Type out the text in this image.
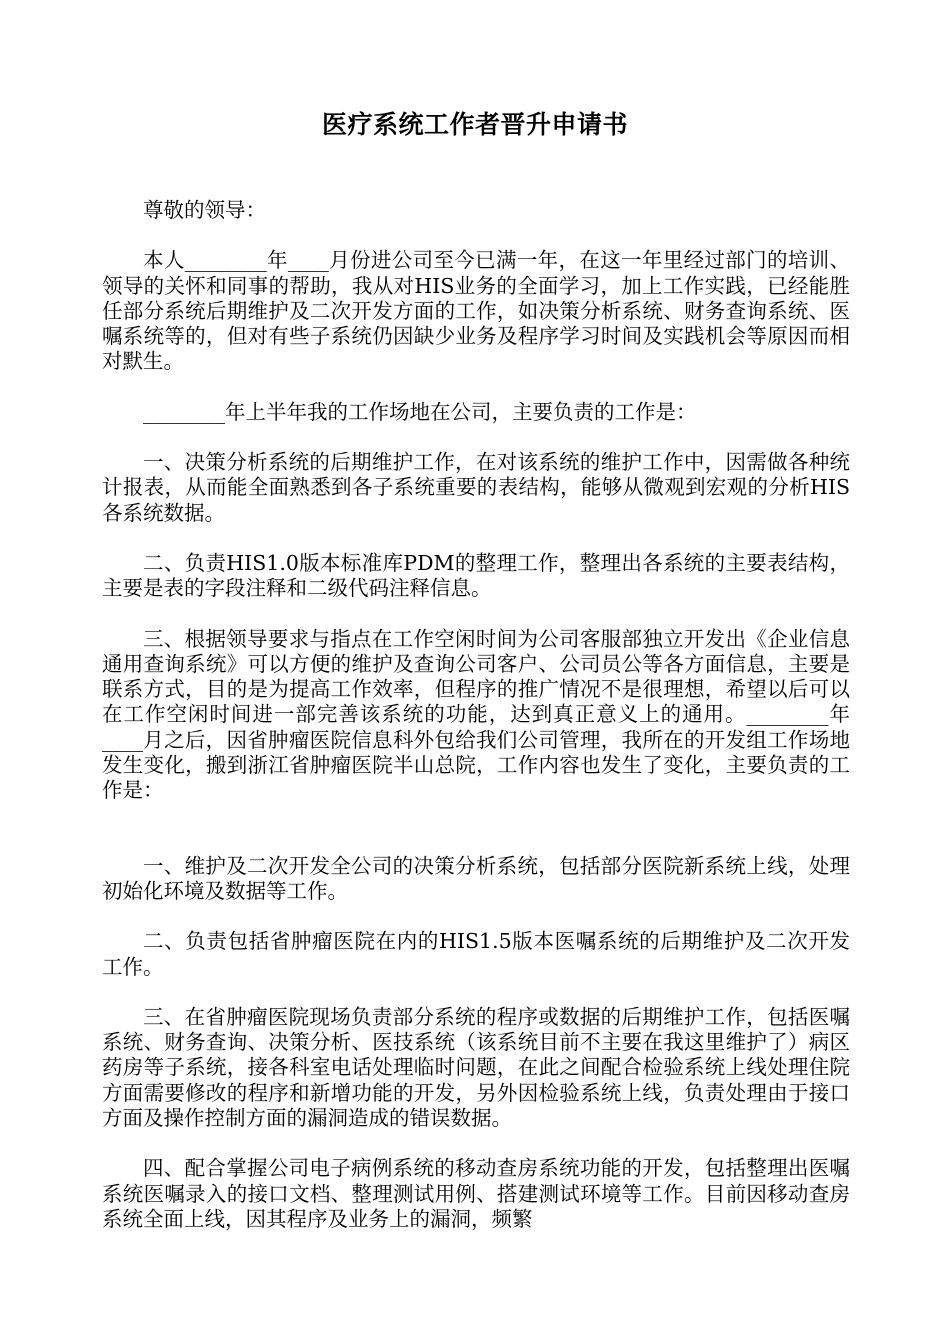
医疗系统工作者晋升申请书

尊敬的领导：

本人________年____月份进公司至今已满一年，在这一年里经过部门的培训、领导的关怀和同事的帮助，我从对HIS业务的全面学习，加上工作实践，已经能胜任部分系统后期维护及二次开发方面的工作，如决策分析系统、财务查询系统、医嘱系统等的，但对有些子系统仍因缺少业务及程序学习时间及实践机会等原因而相对默生。

________年上半年我的工作场地在公司，主要负责的工作是：

一、决策分析系统的后期维护工作，在对该系统的维护工作中，因需做各种统计报表，从而能全面熟悉到各子系统重要的表结构，能够从微观到宏观的分析HIS各系统数据。

二、负责HIS1.0版本标准库PDM的整理工作，整理出各系统的主要表结构，主要是表的字段注释和二级代码注释信息。

三、根据领导要求与指点在工作空闲时间为公司客服部独立开发出《企业信息通用查询系统》可以方便的维护及查询公司客户、公司员公等各方面信息，主要是联系方式，目的是为提高工作效率，但程序的推广情况不是很理想，希望以后可以在工作空闲时间进一部完善该系统的功能，达到真正意义上的通用。________年____月之后，因省肿瘤医院信息科外包给我们公司管理，我所在的开发组工作场地发生变化，搬到浙江省肿瘤医院半山总院，工作内容也发生了变化，主要负责的工作是：

一、维护及二次开发全公司的决策分析系统，包括部分医院新系统上线，处理初始化环境及数据等工作。

二、负责包括省肿瘤医院在内的HIS1.5版本医嘱系统的后期维护及二次开发工作。

三、在省肿瘤医院现场负责部分系统的程序或数据的后期维护工作，包括医嘱系统、财务查询、决策分析、医技系统（该系统目前不主要在我这里维护了）病区药房等子系统，接各科室电话处理临时问题，在此之间配合检验系统上线处理住院方面需要修改的程序和新增功能的开发，另外因检验系统上线，负责处理由于接口方面及操作控制方面的漏洞造成的错误数据。

四、配合掌握公司电子病例系统的移动查房系统功能的开发，包括整理出医嘱系统医嘱录入的接口文档、整理测试用例、搭建测试环境等工作。目前因移动查房系统全面上线，因其程序及业务上的漏洞，频繁
